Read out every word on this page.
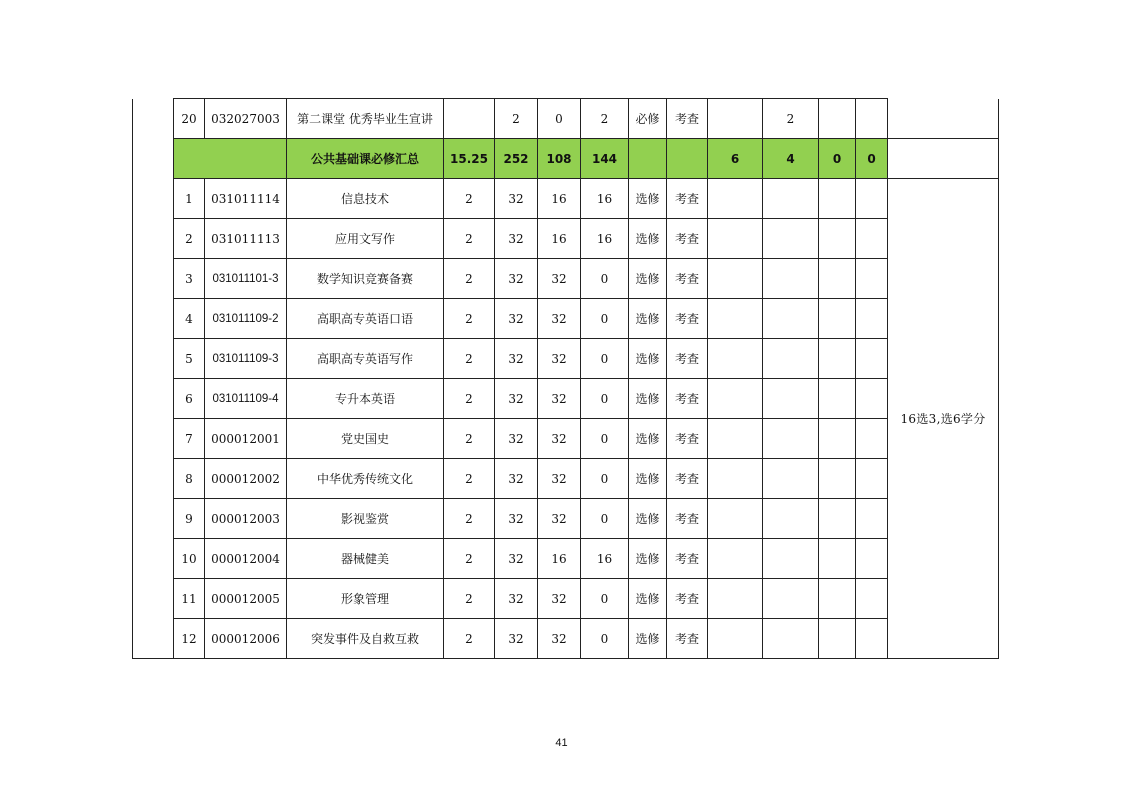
	20	032027003	第二课堂 优秀毕业生宣讲		2	0	2	必修	考查		2			
			公共基础课必修汇总	15.25	252	108	144			6	4	0	0	
	1	031011114	信息技术	2	32	16	16	选修	考查					16选3,选6学分
	2	031011113	应用文写作	2	32	16	16	选修	考查					
	3	031011101-3	数学知识竞赛备赛	2	32	32	0	选修	考查					
	4	031011109-2	高职高专英语口语	2	32	32	0	选修	考查					
	5	031011109-3	高职高专英语写作	2	32	32	0	选修	考查					
	6	031011109-4	专升本英语	2	32	32	0	选修	考查					
	7	000012001	党史国史	2	32	32	0	选修	考查					
	8	000012002	中华优秀传统文化	2	32	32	0	选修	考查					
	9	000012003	影视鉴赏	2	32	32	0	选修	考查					
	10	000012004	器械健美	2	32	16	16	选修	考查					
	11	000012005	形象管理	2	32	32	0	选修	考查					
	12	000012006	突发事件及自救互救	2	32	32	0	选修	考查					
41
